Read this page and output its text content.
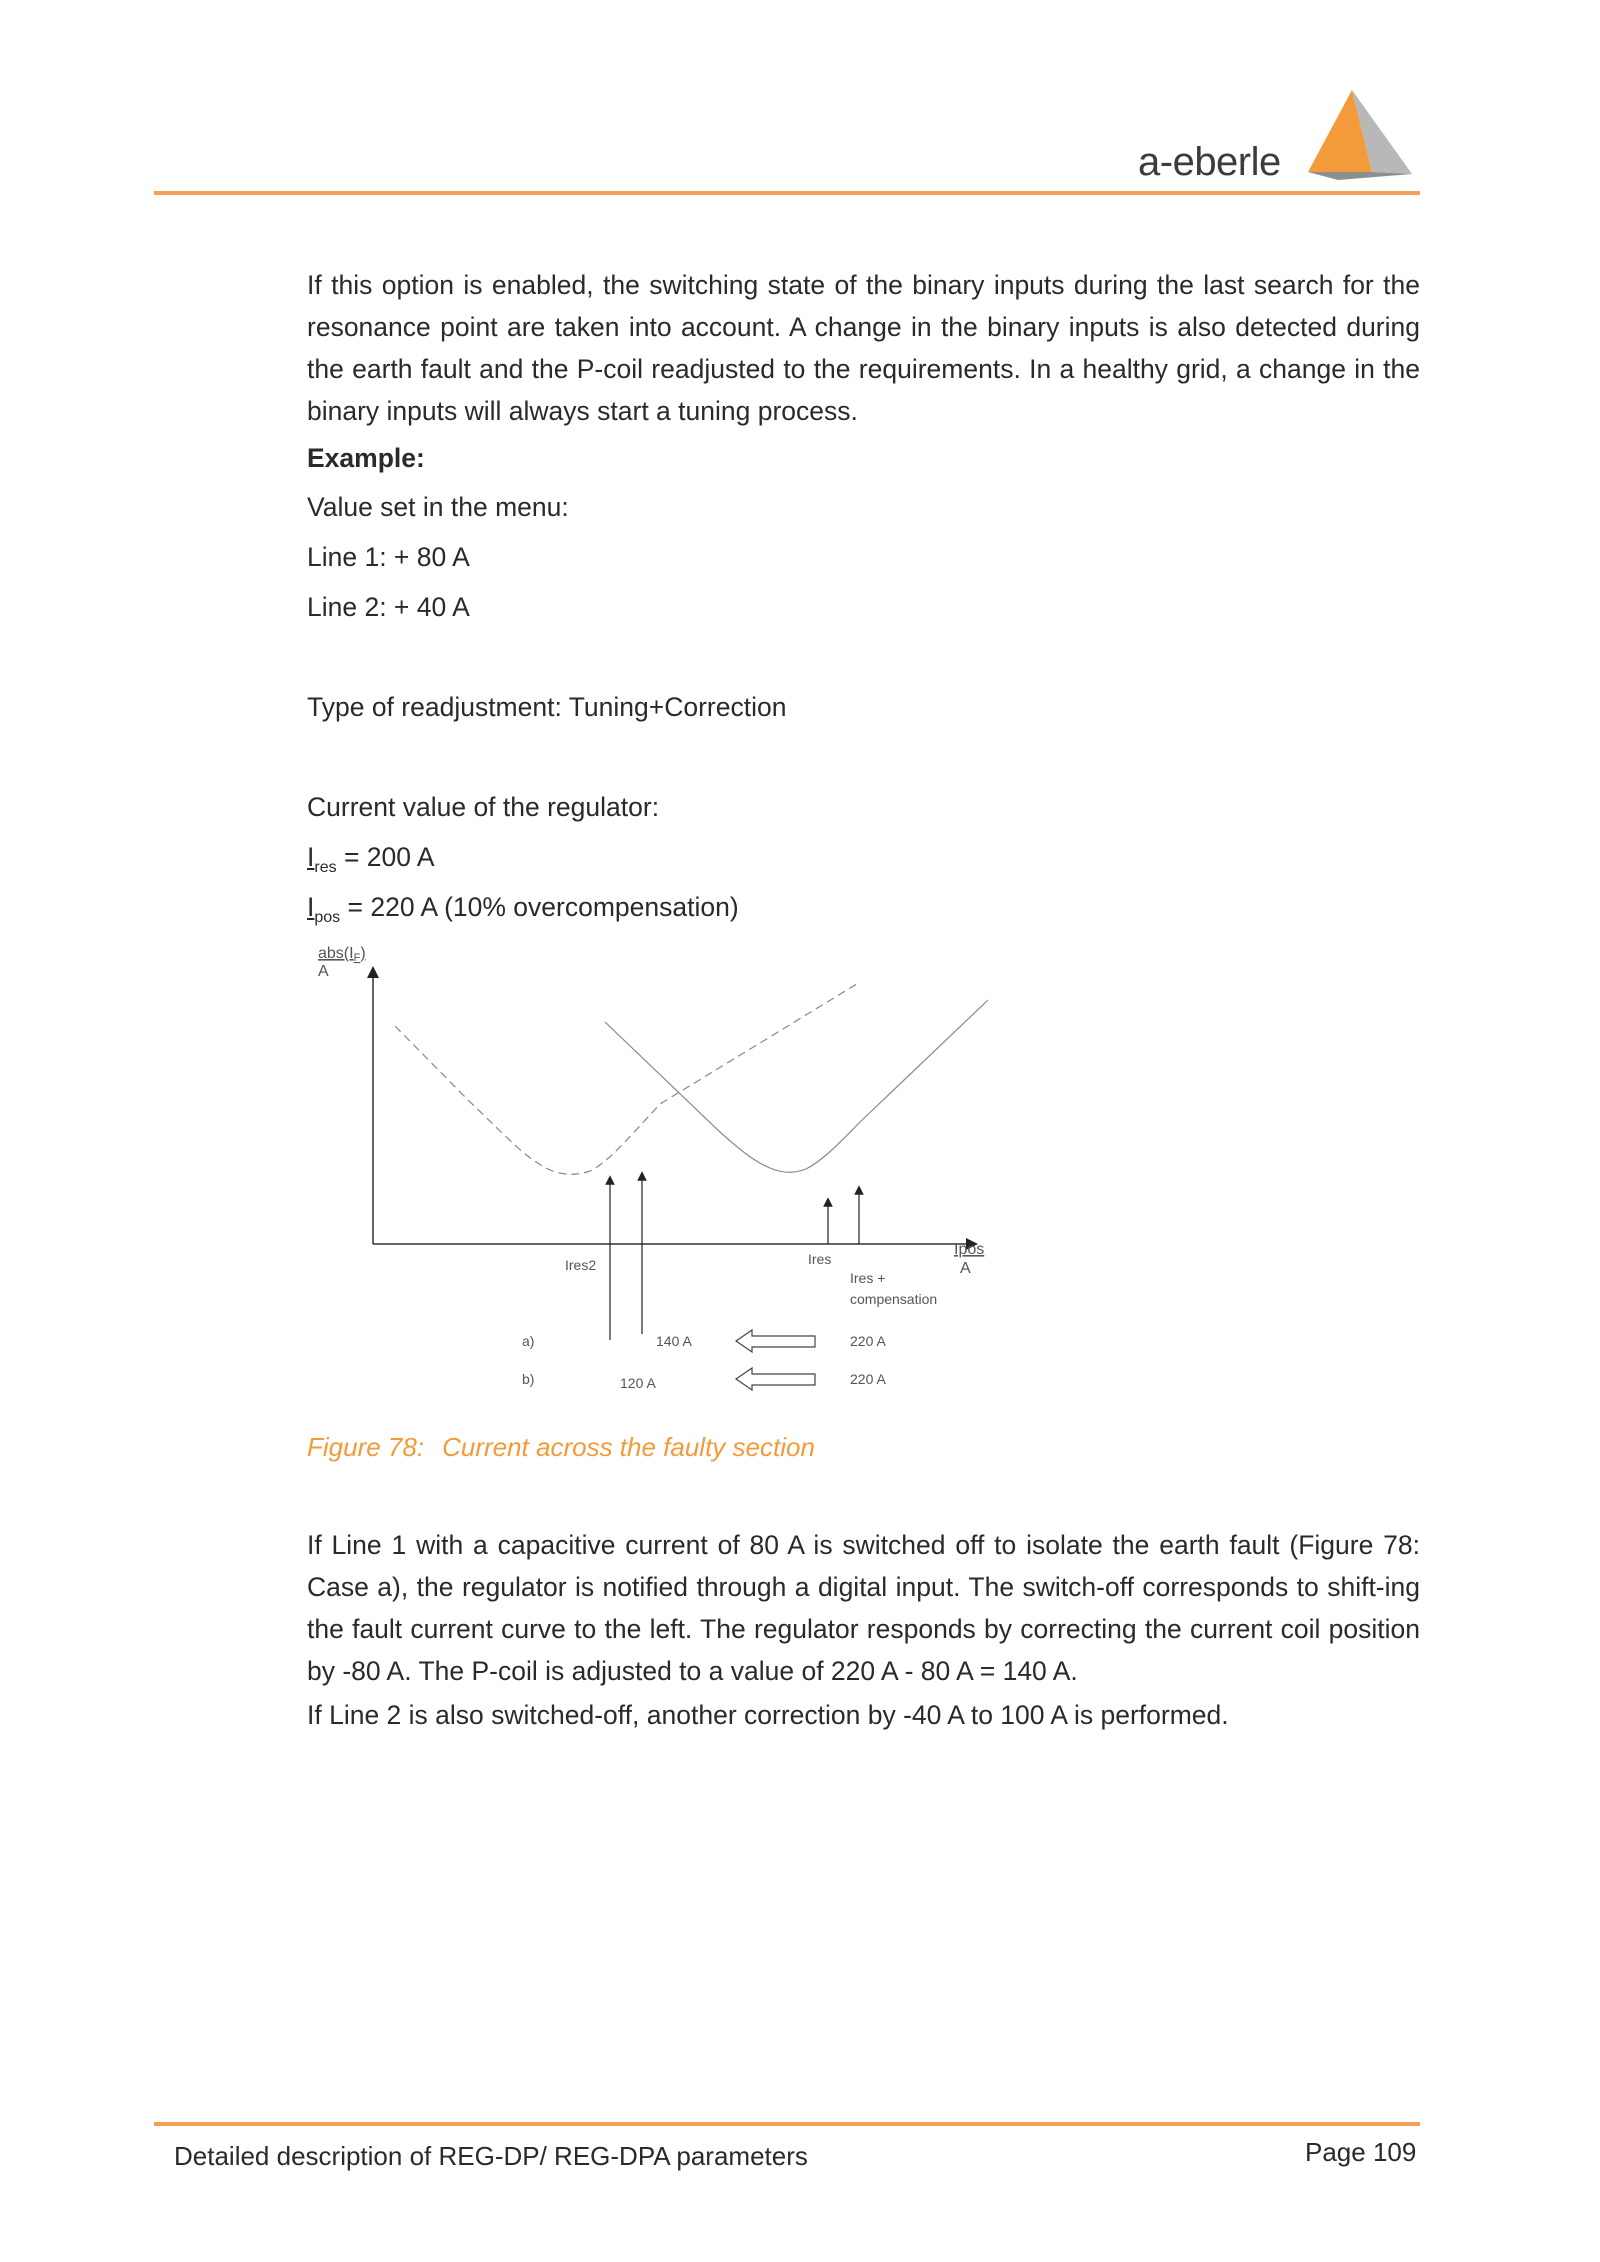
a-eberle
If this option is enabled, the switching state of the binary inputs during the last search for the resonance point are taken into account. A change in the binary inputs is also detected during the earth fault and the P-coil readjusted to the requirements. In a healthy grid, a change in the binary inputs will always start a tuning process.
Example:
Value set in the menu:
Line 1: + 80 A
Line 2: + 40 A
Type of readjustment: Tuning+Correction
Current value of the regulator:
$I_{res} = 200$ A
$I_{pos} = 220$ A (10% overcompensation)
abs(IF)
A
Ipos
A
Ires2	Ires
Ires +
compensation
a)	140 A	220 A
b)	120 A	220 A
Figure 78: Current across the faulty section
If Line 1 with a capacitive current of 80 A is switched off to isolate the earth fault (Figure 78: Case a), the regulator is notified through a digital input. The switch-off corresponds to shift-ing the fault current curve to the left. The regulator responds by correcting the current coil position by -80 A. The P-coil is adjusted to a value of 220 A - 80 A = 140 A.
If Line 2 is also switched-off, another correction by -40 A to 100 A is performed.
Detailed description of REG-DP/ REG-DPA parameters	Page 109
